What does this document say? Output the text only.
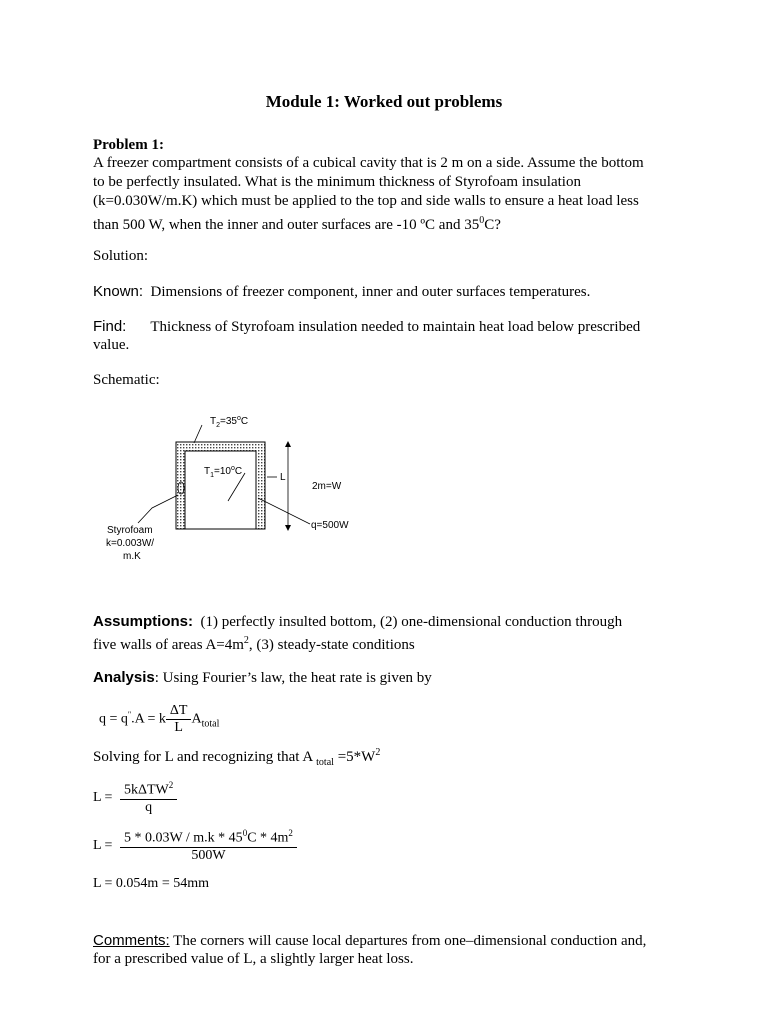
Module 1: Worked out problems
Problem 1:
A freezer compartment consists of a cubical cavity that is 2 m on a side. Assume the bottom
to be perfectly insulated. What is the minimum thickness of Styrofoam insulation
(k=0.030W/m.K) which must be applied to the top and side walls to ensure a heat load less
than 500 W, when the inner and outer surfaces are -10 ºC and $35^0C$?
Solution:
Known: Dimensions of freezer component, inner and outer surfaces temperatures.
Find: Thickness of Styrofoam insulation needed to maintain heat load below prescribed
value.
Schematic:
$T_2=35^oC$
$T_1=10^oC$
L
2m=W
q=500W
Styrofoam
k=0.003W/
m.K
Assumptions: (1) perfectly insulted bottom, (2) one-dimensional conduction through
five walls of areas $A=4m^2$, (3) steady-state conditions
Analysis: Using Fourier’s law, the heat rate is given by
q = q".A = k $\frac{\Delta T}{L} A_{total}$
Solving for L and recognizing that A $_{total} =5*W^2$
$L = \frac{5k\Delta TW^2}{q}$
$L = \frac{5 * 0.03W / m.k * 45^0C * 4m^2}{500W}$
L = 0.054m = 54mm
Comments: The corners will cause local departures from one–dimensional conduction and,
for a prescribed value of L, a slightly larger heat loss.
